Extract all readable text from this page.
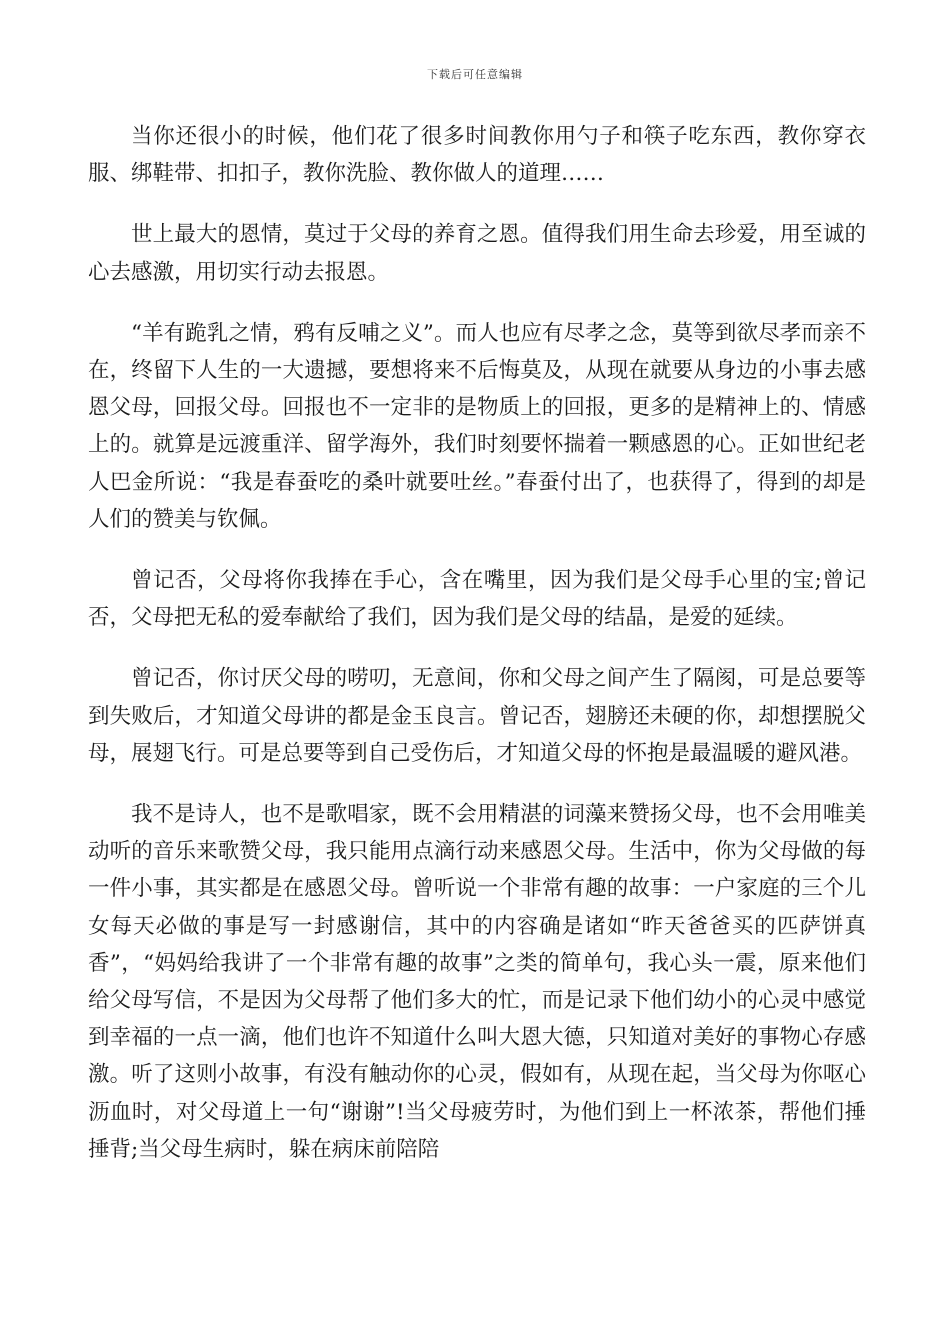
下载后可任意编辑

当你还很小的时候，他们花了很多时间教你用勺子和筷子吃东西，教你穿衣服、绑鞋带、扣扣子，教你洗脸、教你做人的道理……

世上最大的恩情，莫过于父母的养育之恩。值得我们用生命去珍爱，用至诚的心去感激，用切实行动去报恩。

“羊有跪乳之情，鸦有反哺之义”。而人也应有尽孝之念，莫等到欲尽孝而亲不在，终留下人生的一大遗撼，要想将来不后悔莫及，从现在就要从身边的小事去感恩父母，回报父母。回报也不一定非的是物质上的回报，更多的是精神上的、情感上的。就算是远渡重洋、留学海外，我们时刻要怀揣着一颗感恩的心。正如世纪老人巴金所说：“我是春蚕吃的桑叶就要吐丝。”春蚕付出了，也获得了，得到的却是人们的赞美与钦佩。

曾记否，父母将你我捧在手心，含在嘴里，因为我们是父母手心里的宝;曾记否，父母把无私的爱奉献给了我们，因为我们是父母的结晶，是爱的延续。

曾记否，你讨厌父母的唠叨，无意间，你和父母之间产生了隔阂，可是总要等到失败后，才知道父母讲的都是金玉良言。曾记否，翅膀还未硬的你，却想摆脱父母，展翅飞行。可是总要等到自己受伤后，才知道父母的怀抱是最温暖的避风港。

我不是诗人，也不是歌唱家，既不会用精湛的词藻来赞扬父母，也不会用唯美动听的音乐来歌赞父母，我只能用点滴行动来感恩父母。生活中，你为父母做的每一件小事，其实都是在感恩父母。曾听说一个非常有趣的故事：一户家庭的三个儿女每天必做的事是写一封感谢信，其中的内容确是诸如“昨天爸爸买的匹萨饼真香”，“妈妈给我讲了一个非常有趣的故事”之类的简单句，我心头一震，原来他们给父母写信，不是因为父母帮了他们多大的忙，而是记录下他们幼小的心灵中感觉到幸福的一点一滴，他们也许不知道什么叫大恩大德，只知道对美好的事物心存感激。听了这则小故事，有没有触动你的心灵，假如有，从现在起，当父母为你呕心沥血时，对父母道上一句“谢谢”!当父母疲劳时，为他们到上一杯浓茶，帮他们捶捶背;当父母生病时，躲在病床前陪陪
